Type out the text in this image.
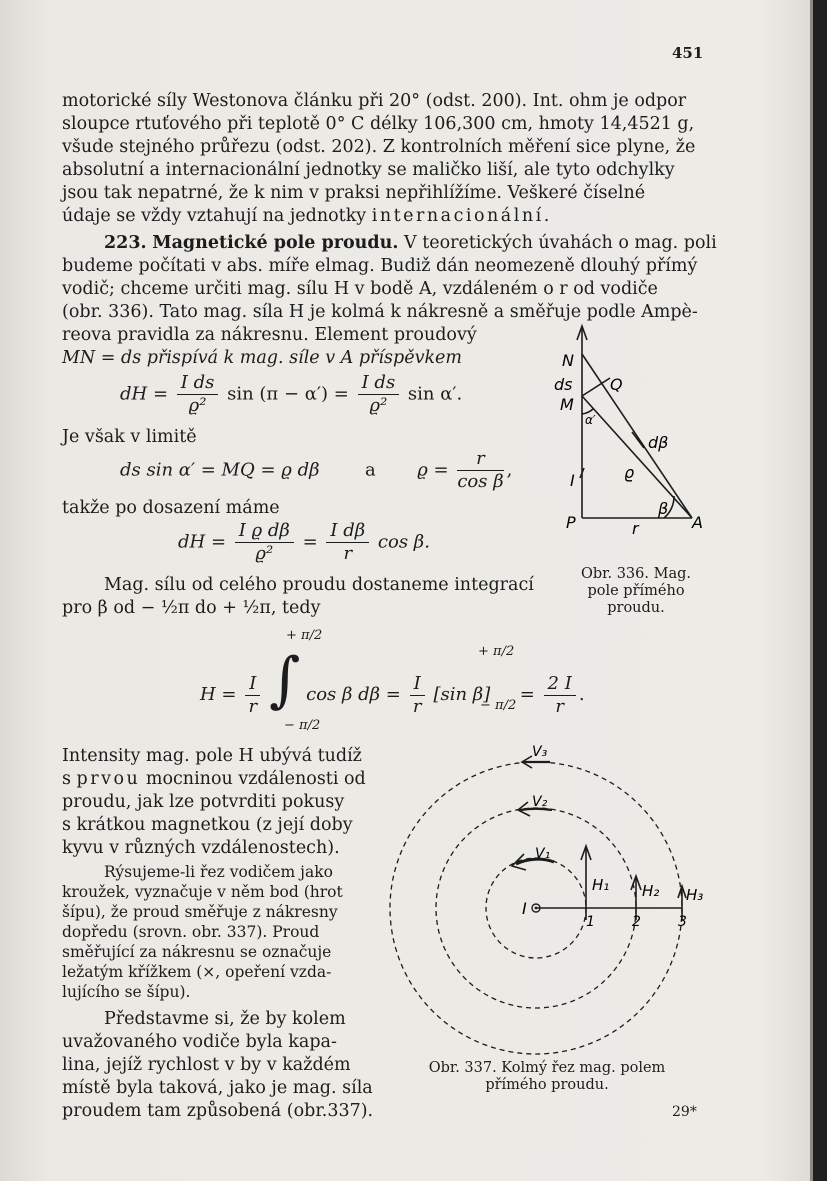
451
motorické síly Westonova článku při 20° (odst. 200). Int. ohm je odpor
sloupce rtuťového při teplotě 0° C délky 106,300 cm, hmoty 14,4521 g,
všude stejného průřezu (odst. 202). Z kontrolních měření sice plyne, že
absolutní a internacionální jednotky se maličko liší, ale tyto odchylky
jsou tak nepatrné, že k nim v praksi nepřihlížíme. Veškeré číselné
údaje se vždy vztahují na jednotky internacionální.
223. Magnetické pole proudu. V teoretických úvahách o mag. poli
budeme počítati v abs. míře elmag. Budiž dán neomezeně dlouhý přímý
vodič; chceme určiti mag. sílu H v bodě A, vzdáleném o r od vodiče
(obr. 336). Tato mag. síla H je kolmá k nákresně a směřuje podle Ampè-
reova pravidla za nákresnu. Element proudový
MN = ds přispívá k mag. síle v A příspěvkem
dH = $\frac{\text{I ds}}{\text{ϱ²}}$ $\sin (\pi - \alpha') = \frac{\text{I ds}}{\text{ϱ²}}$ sin α′.
Je však v limitě
ds sin α′ = MQ = ϱ dβ	a $ϱ = \frac{r}{\text{cos β}}$ ,
takže po dosazení máme
dH = $\frac{\text{I ϱ dβ}}{\text{ϱ²}} = \frac{\text{I dβ}}{r}$ cos β.
Mag. sílu od celého proudu dostaneme integrací
pro β od − ½π do + ½π, tedy
+ π/2
− π/2
+ π/2
− π/2
$H = \frac{I}{r}$ ∫ cos β $d\beta = \frac{I}{r} [\sin$ $\beta] = \frac{2 I}{r}$ .
N
ds
M
Q
α′
dβ
I	ϱ
β
P	r	A
Obr. 336. Mag. pole přímého proudu.
Intensity mag. pole H ubývá tudíž
s prvou mocninou vzdálenosti od
proudu, jak lze potvrditi pokusy
s krátkou magnetkou (z její doby
kyvu v různých vzdálenostech).
Rýsujeme-li řez vodičem jako
kroužek, vyznačuje v něm bod (hrot
šípu), že proud směřuje z nákresny
dopředu (srovn. obr. 337). Proud
směřující za nákresnu se označuje
ležatým křížkem (×, opeření vzda-
lujícího se šípu).
Představme si, že by kolem
uvažovaného vodiče byla kapa-
lina, jejíž rychlost v by v každém
místě byla taková, jako je mag. síla
proudem tam způsobená (obr.337).
I
V₁
V₂
V₃
H₁ H₂ H₃
1	2	3
Obr. 337. Kolmý řez mag. polem
přímého proudu.
29*
